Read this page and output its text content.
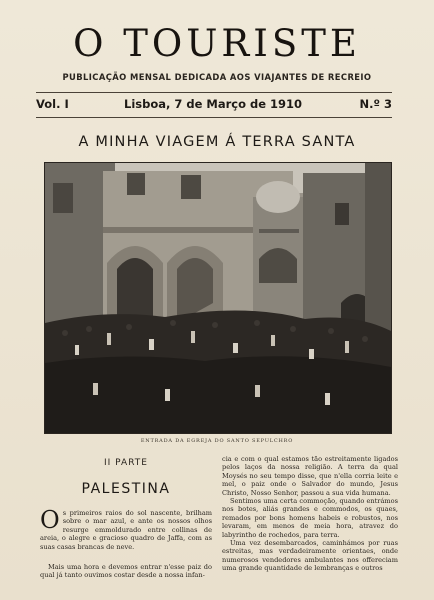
O TOURISTE
PUBLICAÇÃO MENSAL DEDICADA AOS VIAJANTES DE RECREIO
Vol. I	Lisboa, 7 de Março de 1910	N.º 3
A MINHA VIAGEM Á TERRA SANTA
ENTRADA DA EGREJA DO SANTO SEPULCHRO
II PARTE
PALESTINA

Os primeiros raios do sol nascente, brilham sobre o mar azul, e ante os nossos olhos resurge emmoldurado entre collinas de areia, o alegre e gracioso quadro de Jaffa, com as suas casas brancas de neve.

Mais uma hora e devemos entrar n'esse paiz do qual já tanto ouvimos costar desde a nossa infan-

cia e com o qual estamos tão estreitamente ligados pelos laços da nossa religião. A terra da qual Moysés no seu tempo disse, que n'ella corria leite e mel, o paiz onde o Salvador do mundo, Jesus Christo, Nosso Senhor, passou a sua vida humana.

Sentimos uma certa commoção, quando entrámos nos botes, aliás grandes e commodos, os quaes, remados por bons homens habeis e robustos, nos levaram, em menos de meia hora, atravez do labyrintho de rochedos, para terra.

Uma vez desembarcados, caminhámos por ruas estreitas, mas verdadeiramente orientaes, onde numerosos vendedores ambulantes nos offereciam uma grande quantidade de lembranças e outros
